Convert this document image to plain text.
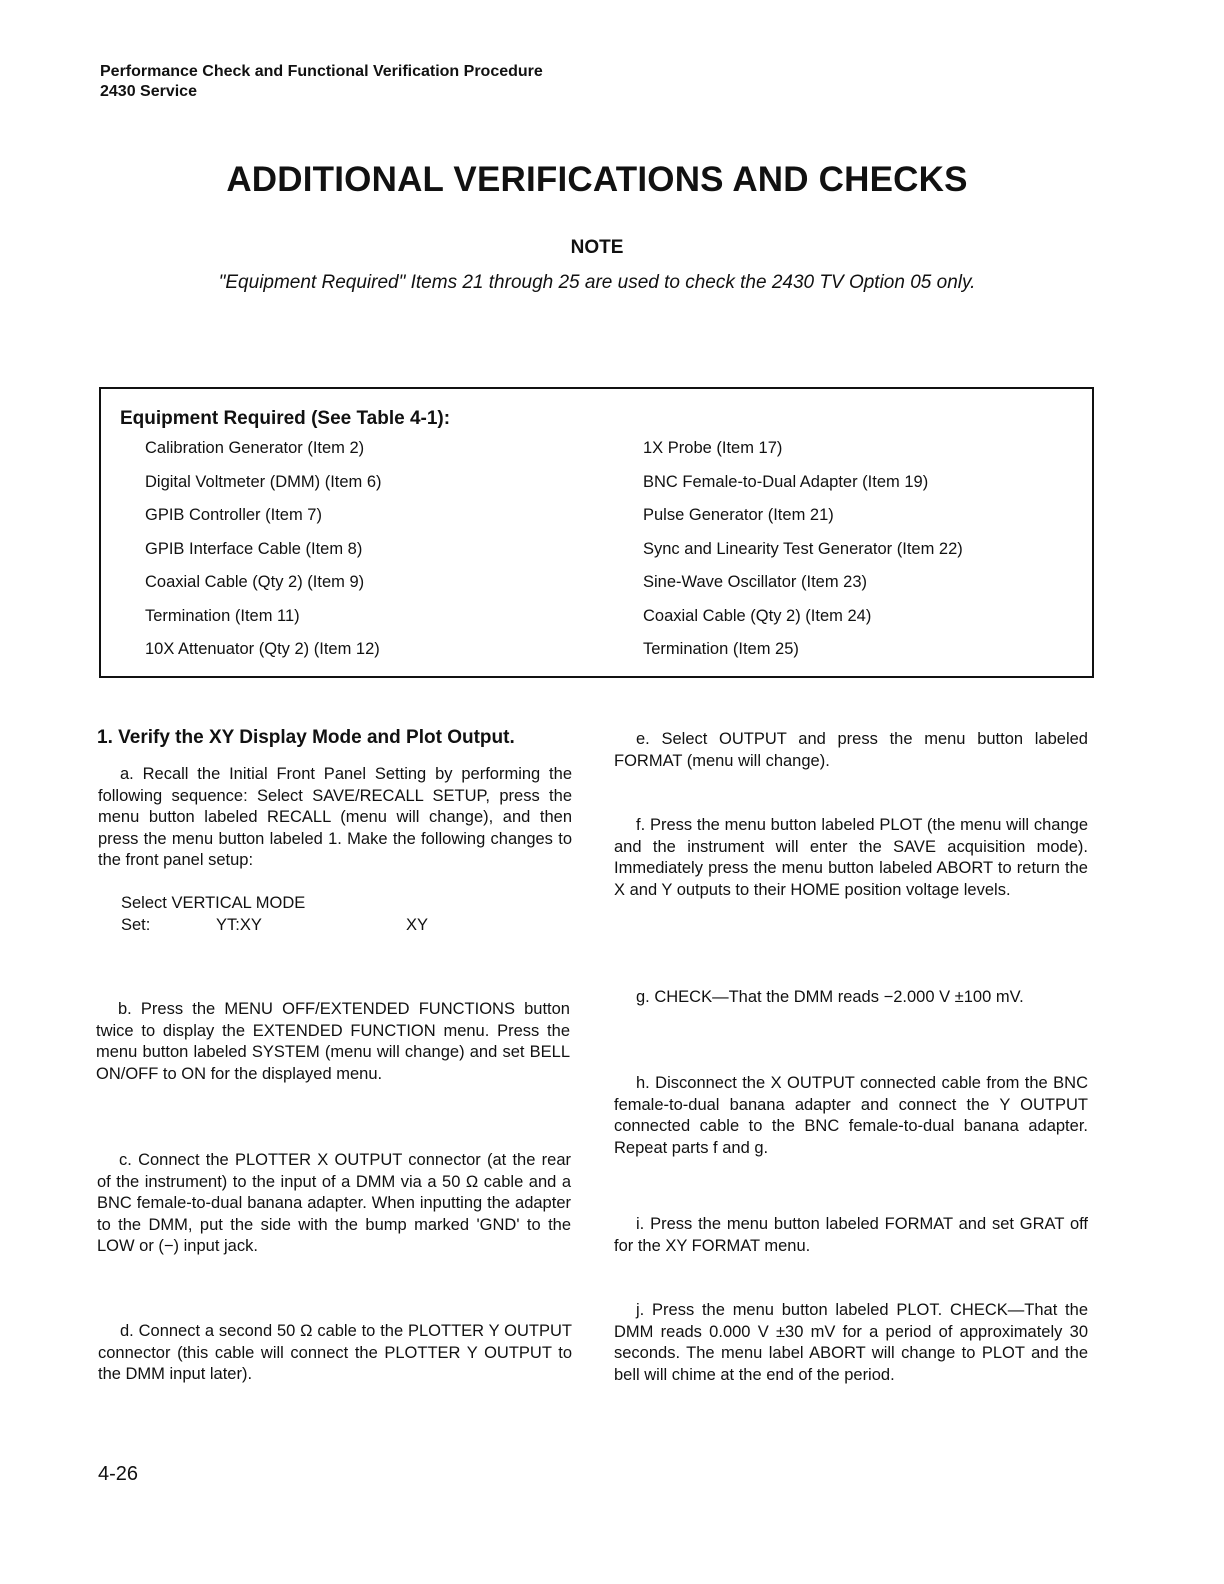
Performance Check and Functional Verification Procedure
2430 Service
ADDITIONAL VERIFICATIONS AND CHECKS
NOTE
"Equipment Required" Items 21 through 25 are used to check the 2430 TV Option 05 only.
Equipment Required (See Table 4-1):
Calibration Generator (Item 2)
Digital Voltmeter (DMM) (Item 6)
GPIB Controller (Item 7)
GPIB Interface Cable (Item 8)
Coaxial Cable (Qty 2) (Item 9)
Termination (Item 11)
10X Attenuator (Qty 2) (Item 12)
1X Probe (Item 17)
BNC Female-to-Dual Adapter (Item 19)
Pulse Generator (Item 21)
Sync and Linearity Test Generator (Item 22)
Sine-Wave Oscillator (Item 23)
Coaxial Cable (Qty 2) (Item 24)
Termination (Item 25)
1. Verify the XY Display Mode and Plot Output.
a. Recall the Initial Front Panel Setting by performing the following sequence: Select SAVE/RECALL SETUP, press the menu button labeled RECALL (menu will change), and then press the menu button labeled 1. Make the following changes to the front panel setup:
Select VERTICAL MODE
Set:	YT:XY	XY
b. Press the MENU OFF/EXTENDED FUNCTIONS button twice to display the EXTENDED FUNCTION menu. Press the menu button labeled SYSTEM (menu will change) and set BELL ON/OFF to ON for the displayed menu.
c. Connect the PLOTTER X OUTPUT connector (at the rear of the instrument) to the input of a DMM via a 50 Ω cable and a BNC female-to-dual banana adapter. When inputting the adapter to the DMM, put the side with the bump marked 'GND' to the LOW or (−) input jack.
d. Connect a second 50 Ω cable to the PLOTTER Y OUTPUT connector (this cable will connect the PLOTTER Y OUTPUT to the DMM input later).
e. Select OUTPUT and press the menu button labeled FORMAT (menu will change).
f. Press the menu button labeled PLOT (the menu will change and the instrument will enter the SAVE acquisition mode). Immediately press the menu button labeled ABORT to return the X and Y outputs to their HOME position voltage levels.
g. CHECK—That the DMM reads −2.000 V ±100 mV.
h. Disconnect the X OUTPUT connected cable from the BNC female-to-dual banana adapter and connect the Y OUTPUT connected cable to the BNC female-to-dual banana adapter. Repeat parts f and g.
i. Press the menu button labeled FORMAT and set GRAT off for the XY FORMAT menu.
j. Press the menu button labeled PLOT. CHECK—That the DMM reads 0.000 V ±30 mV for a period of approximately 30 seconds. The menu label ABORT will change to PLOT and the bell will chime at the end of the period.
4-26
